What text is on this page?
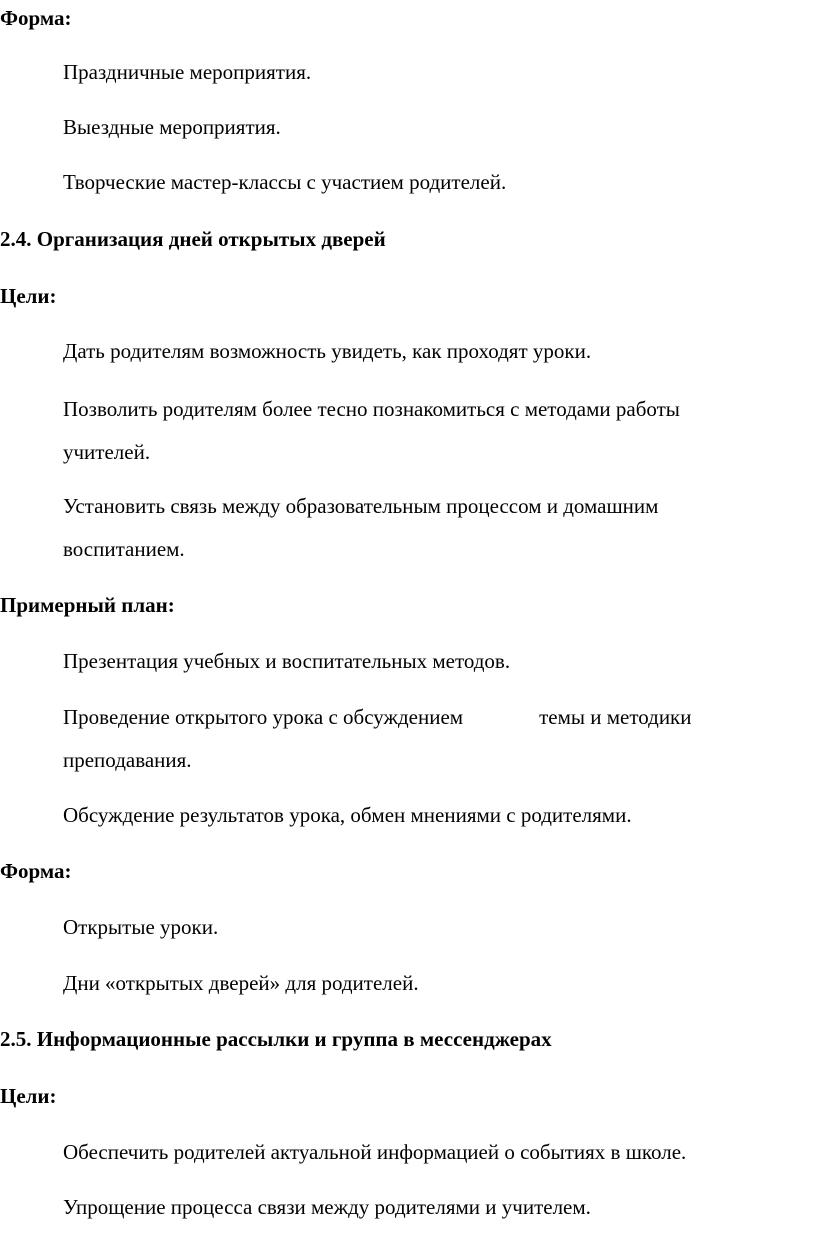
Форма:
Праздничные мероприятия.
Выездные мероприятия.
Творческие мастер-классы с участием родителей.
2.4. Организация дней открытых дверей
Цели:
Дать родителям возможность увидеть, как проходят уроки.
Позволить родителям более тесно познакомиться с методами работы
учителей.
Установить связь между образовательным процессом и домашним
воспитанием.
Примерный план:
Презентация учебных и воспитательных методов.
Проведение открытого урока с обсуждением	темы и методики
преподавания.
Обсуждение результатов урока, обмен мнениями с родителями.
Форма:
Открытые уроки.
Дни «открытых дверей» для родителей.
2.5. Информационные рассылки и группа в мессенджерах
Цели:
Обеспечить родителей актуальной информацией о событиях в школе.
Упрощение процесса связи между родителями и учителем.
